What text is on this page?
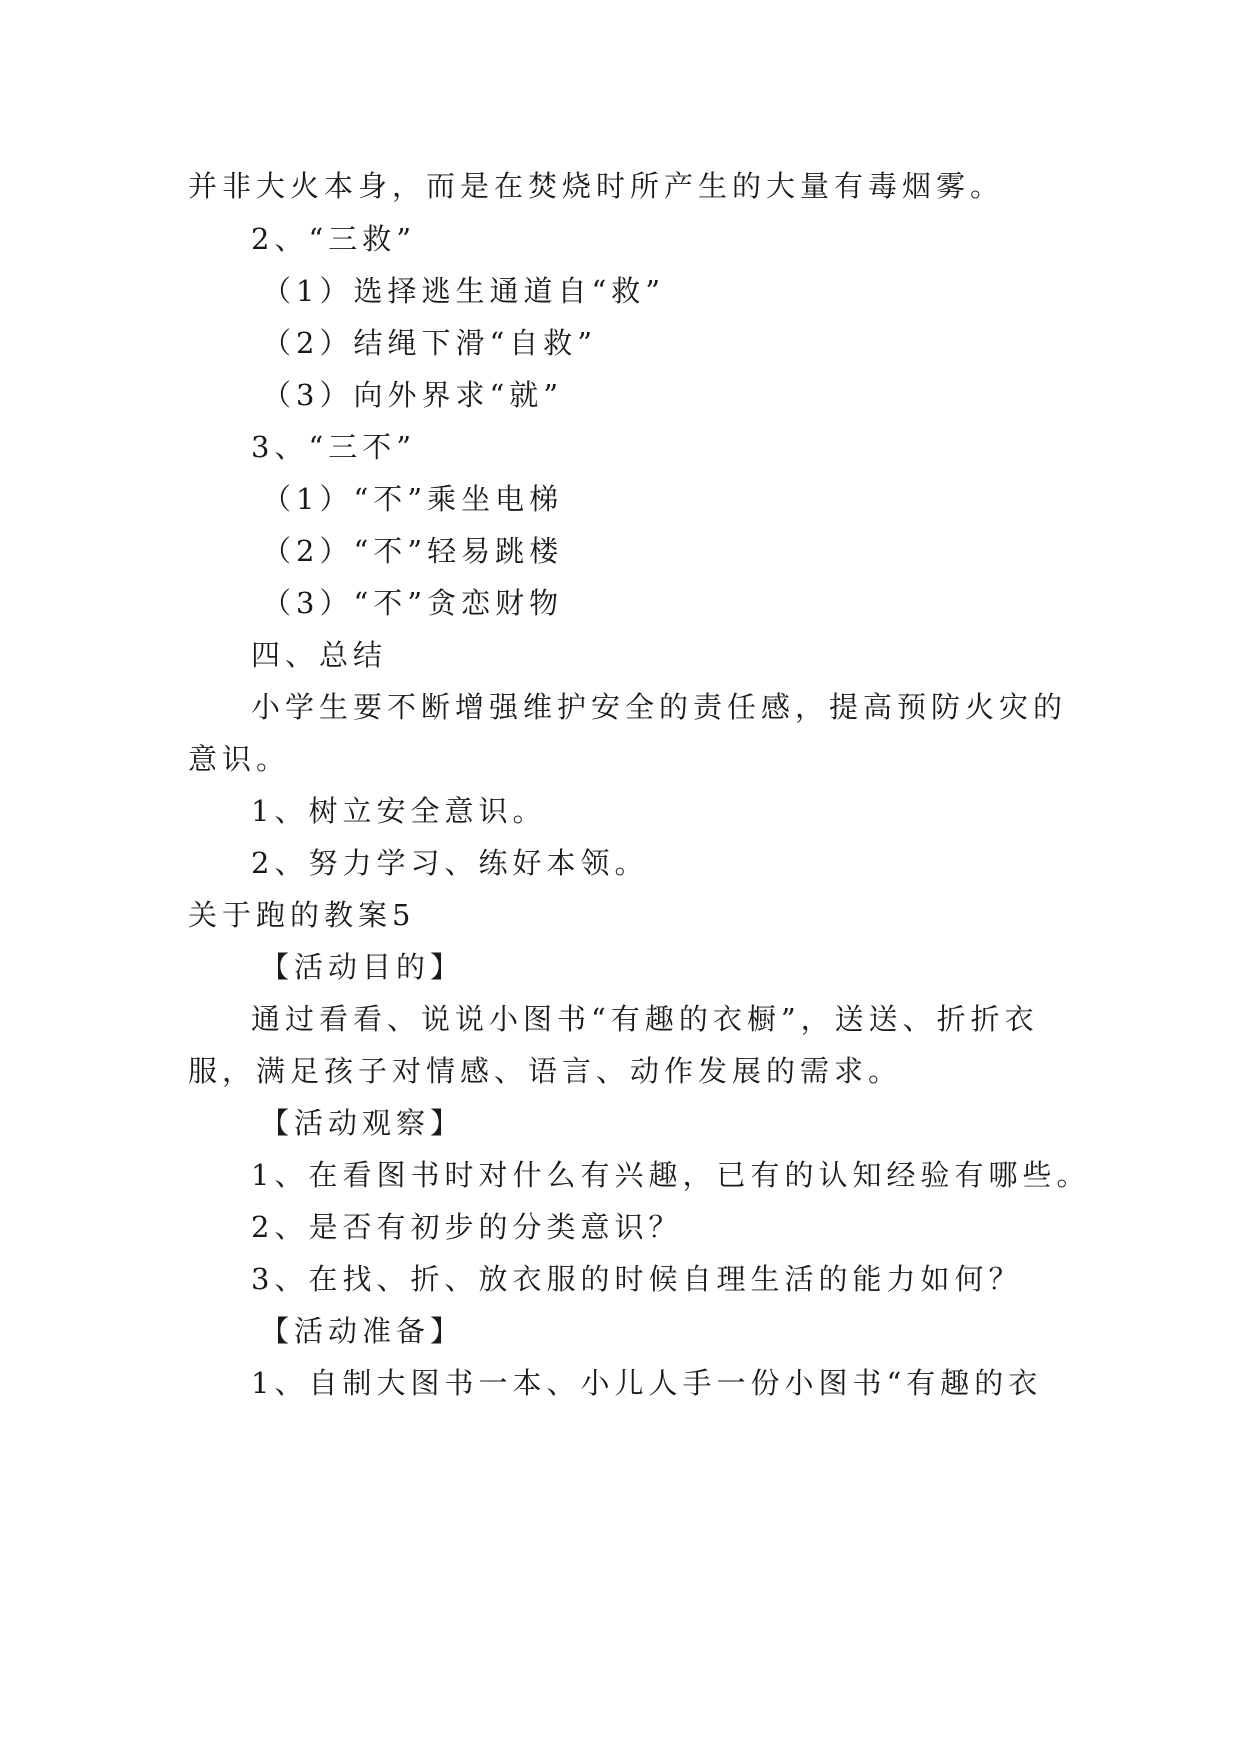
并非大火本身，而是在焚烧时所产生的大量有毒烟雾。
2、“三救”
（1）选择逃生通道自“救”
（2）结绳下滑“自救”
（3）向外界求“就”
3、“三不”
（1）“不”乘坐电梯
（2）“不”轻易跳楼
（3）“不”贪恋财物
四、总结
小学生要不断增强维护安全的责任感，提高预防火灾的
意识。
1、树立安全意识。
2、努力学习、练好本领。
关于跑的教案5
【活动目的】
通过看看、说说小图书“有趣的衣橱”，送送、折折衣
服，满足孩子对情感、语言、动作发展的需求。
【活动观察】
1、在看图书时对什么有兴趣，已有的认知经验有哪些。
2、是否有初步的分类意识？
3、在找、折、放衣服的时候自理生活的能力如何？
【活动准备】
1、自制大图书一本、小儿人手一份小图书“有趣的衣
